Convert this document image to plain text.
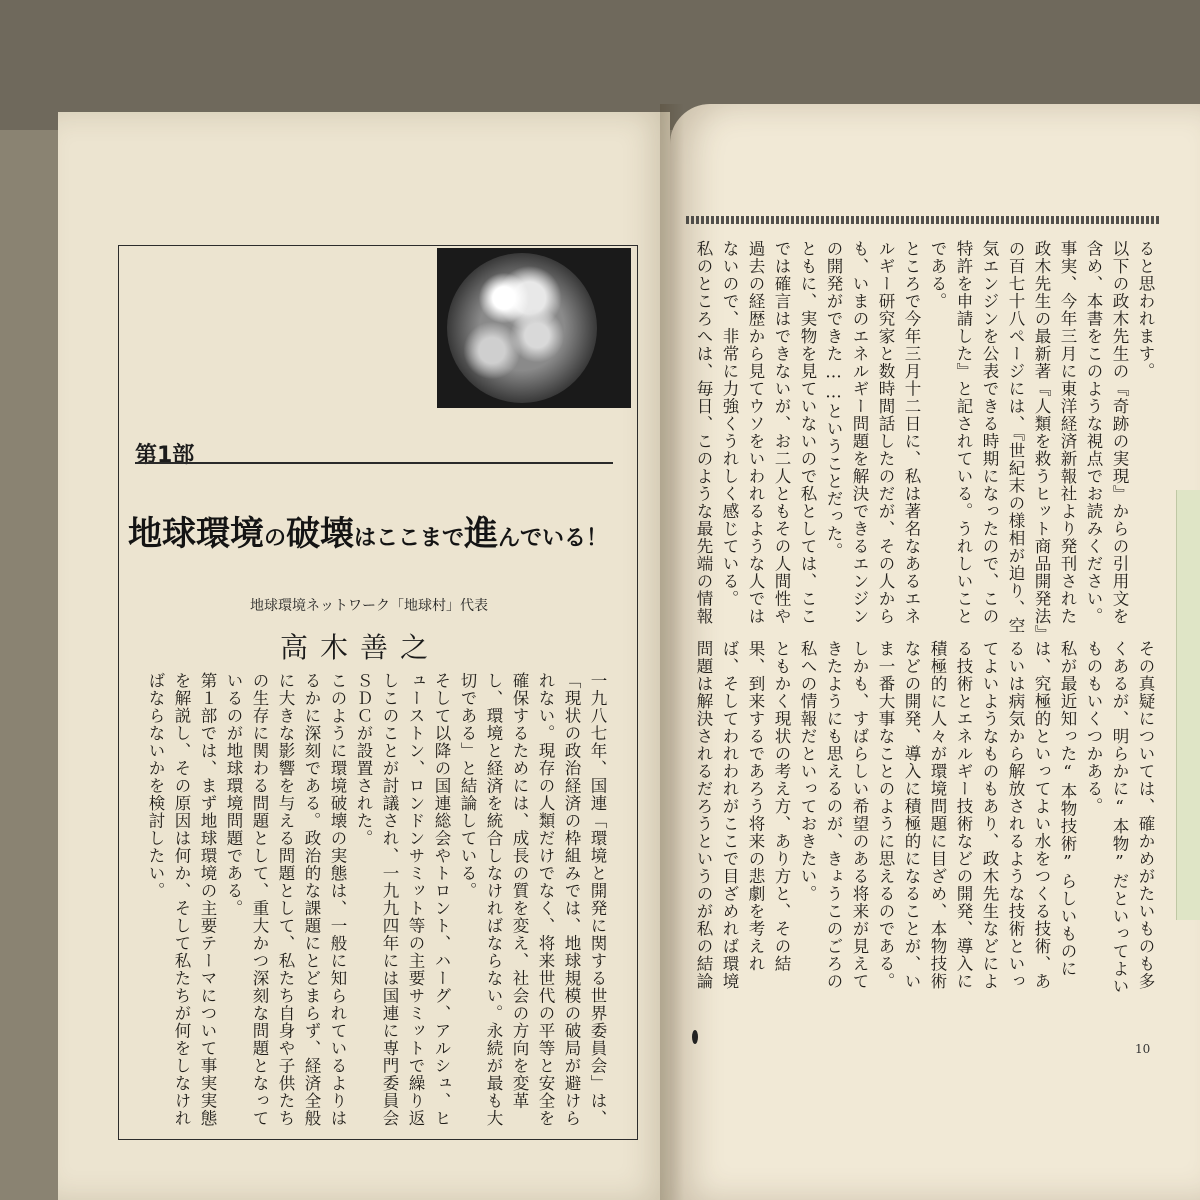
第1部
地球環境の破壊はここまで進んでいる！
地球環境ネットワーク「地球村」代表
高木善之

一九八七年、国連「環境と開発に関する世界委員会」は、「現状の政治経済の枠組みでは、地球規模の破局が避けられない。現存の人類だけでなく、将来世代の平等と安全を確保するためには、成長の質を変え、社会の方向を変革し、環境と経済を統合しなければならない。永続が最も大切である」と結論している。

そして以降の国連総会やトロント、ハーグ、アルシュ、ヒューストン、ロンドンサミット等の主要サミットで繰り返しこのことが討議され、一九九四年には国連に専門委員会ＳＤＣが設置された。

このように環境破壊の実態は、一般に知られているよりはるかに深刻である。政治的な課題にとどまらず、経済全般に大きな影響を与える問題として、私たち自身や子供たちの生存に関わる問題として、重大かつ深刻な問題となっているのが地球環境問題である。

第１部では、まず地球環境の主要テーマについて事実実態を解説し、その原因は何か、そして私たちが何をしなければならないかを検討したい。

ると思われます。

以下の政木先生の『奇跡の実現』からの引用文を含め、本書をこのような視点でお読みください。

事実、今年三月に東洋経済新報社より発刊された政木先生の最新著『人類を救うヒット商品開発法』の百七十八ページには、『世紀末の様相が迫り、空気エンジンを公表できる時期になったので、この特許を申請した』と記されている。うれしいことである。

ところで今年三月十二日に、私は著名なあるエネルギー研究家と数時間話したのだが、その人からも、いまのエネルギー問題を解決できるエンジンの開発ができた……ということだった。

ともに、実物を見ていないので私としては、ここでは確言はできないが、お二人ともその人間性や過去の経歴から見てウソをいわれるような人ではないので、非常に力強くうれしく感じている。

私のところへは、毎日、このような最先端の情報

その真疑については、確かめがたいものも多くあるが、明らかに“本物”だといってよいものもいくつかある。

私が最近知った“本物技術”らしいものには、究極的といってよい水をつくる技術、あるいは病気から解放されるような技術といってよいようなものもあり、政木先生などによる技術とエネルギー技術などの開発、導入に積極的に人々が環境問題に目ざめ、本物技術などの開発、導入に積極的になることが、いま一番大事なことのように思えるのである。

しかも、すばらしい希望のある将来が見えてきたようにも思えるのが、きょうこのごろの私への情報だといっておきたい。

ともかく現状の考え方、あり方と、その結果、到来するであろう将来の悲劇を考えれば、そしてわれわれがここで目ざめれば環境問題は解決されるだろうというのが私の結論

10
